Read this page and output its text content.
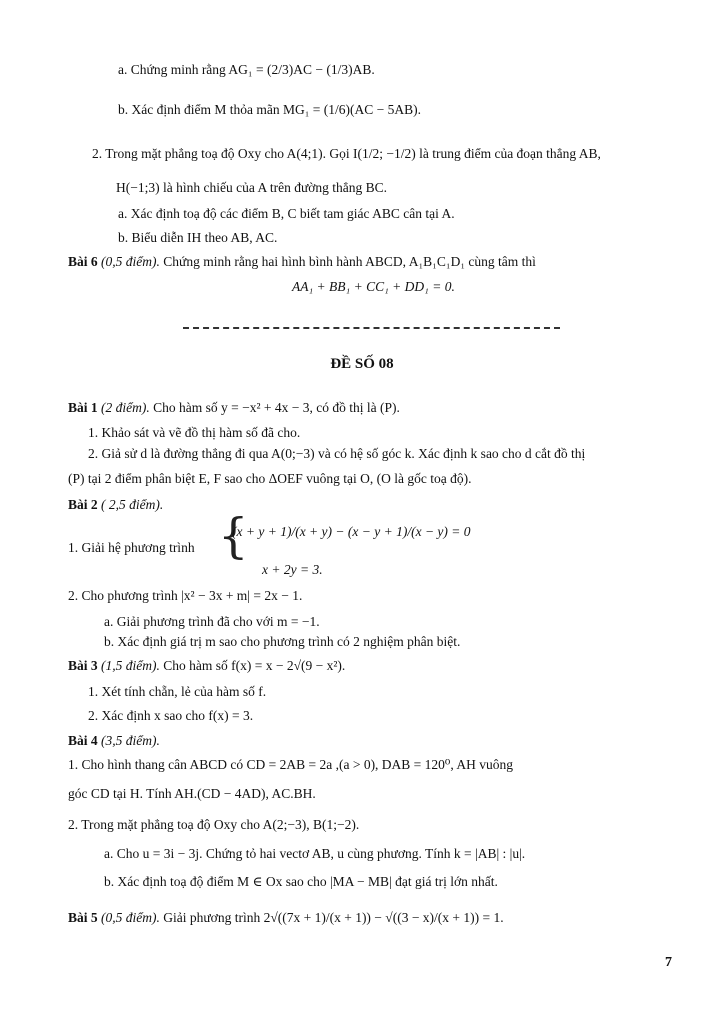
a. Chứng minh rằng AG₁ = (2/3)AC − (1/3)AB.
b. Xác định điểm M thỏa mãn MG₁ = (1/6)(AC − 5AB).
2. Trong mặt phẳng toạ độ Oxy cho A(4;1). Gọi I(1/2; −1/2) là trung điểm của đoạn thẳng AB,
H(−1;3) là hình chiếu của A trên đường thẳng BC.
a. Xác định toạ độ các điểm B, C biết tam giác ABC cân tại A.
b. Biểu diễn IH theo AB, AC.
Bài 6 (0,5 điểm). Chứng minh rằng hai hình bình hành ABCD, A₁B₁C₁D₁ cùng tâm thì
AA₁ + BB₁ + CC₁ + DD₁ = 0.
ĐỀ SỐ 08
Bài 1 (2 điểm). Cho hàm số y = −x² + 4x − 3, có đồ thị là (P).
1. Khảo sát và vẽ đồ thị hàm số đã cho.
2. Giả sử d là đường thẳng đi qua A(0;−3) và có hệ số góc k. Xác định k sao cho d cắt đồ thị
(P) tại 2 điểm phân biệt E, F sao cho ΔOEF vuông tại O, (O là gốc toạ độ).
Bài 2 ( 2,5 điểm).
1. Giải hệ phương trình {
(x + y + 1)/(x + y) − (x − y + 1)/(x − y) = 0
x + 2y = 3.
2. Cho phương trình |x² − 3x + m| = 2x − 1.
a. Giải phương trình đã cho với m = −1.
b. Xác định giá trị m sao cho phương trình có 2 nghiệm phân biệt.
Bài 3 (1,5 điểm). Cho hàm số f(x) = x − 2√(9 − x²).
1. Xét tính chẵn, lẻ của hàm số f.
2. Xác định x sao cho f(x) = 3.
Bài 4 (3,5 điểm).
1. Cho hình thang cân ABCD có CD = 2AB = 2a ,(a > 0), DAB = 120⁰, AH vuông
góc CD tại H. Tính AH.(CD − 4AD), AC.BH.
2. Trong mặt phẳng toạ độ Oxy cho A(2;−3), B(1;−2).
a. Cho u = 3i − 3j. Chứng tỏ hai vectơ AB, u cùng phương. Tính k = |AB| : |u|.
b. Xác định toạ độ điểm M ∈ Ox sao cho |MA − MB| đạt giá trị lớn nhất.
Bài 5 (0,5 điểm). Giải phương trình 2√((7x + 1)/(x + 1)) − √((3 − x)/(x + 1)) = 1.
7
